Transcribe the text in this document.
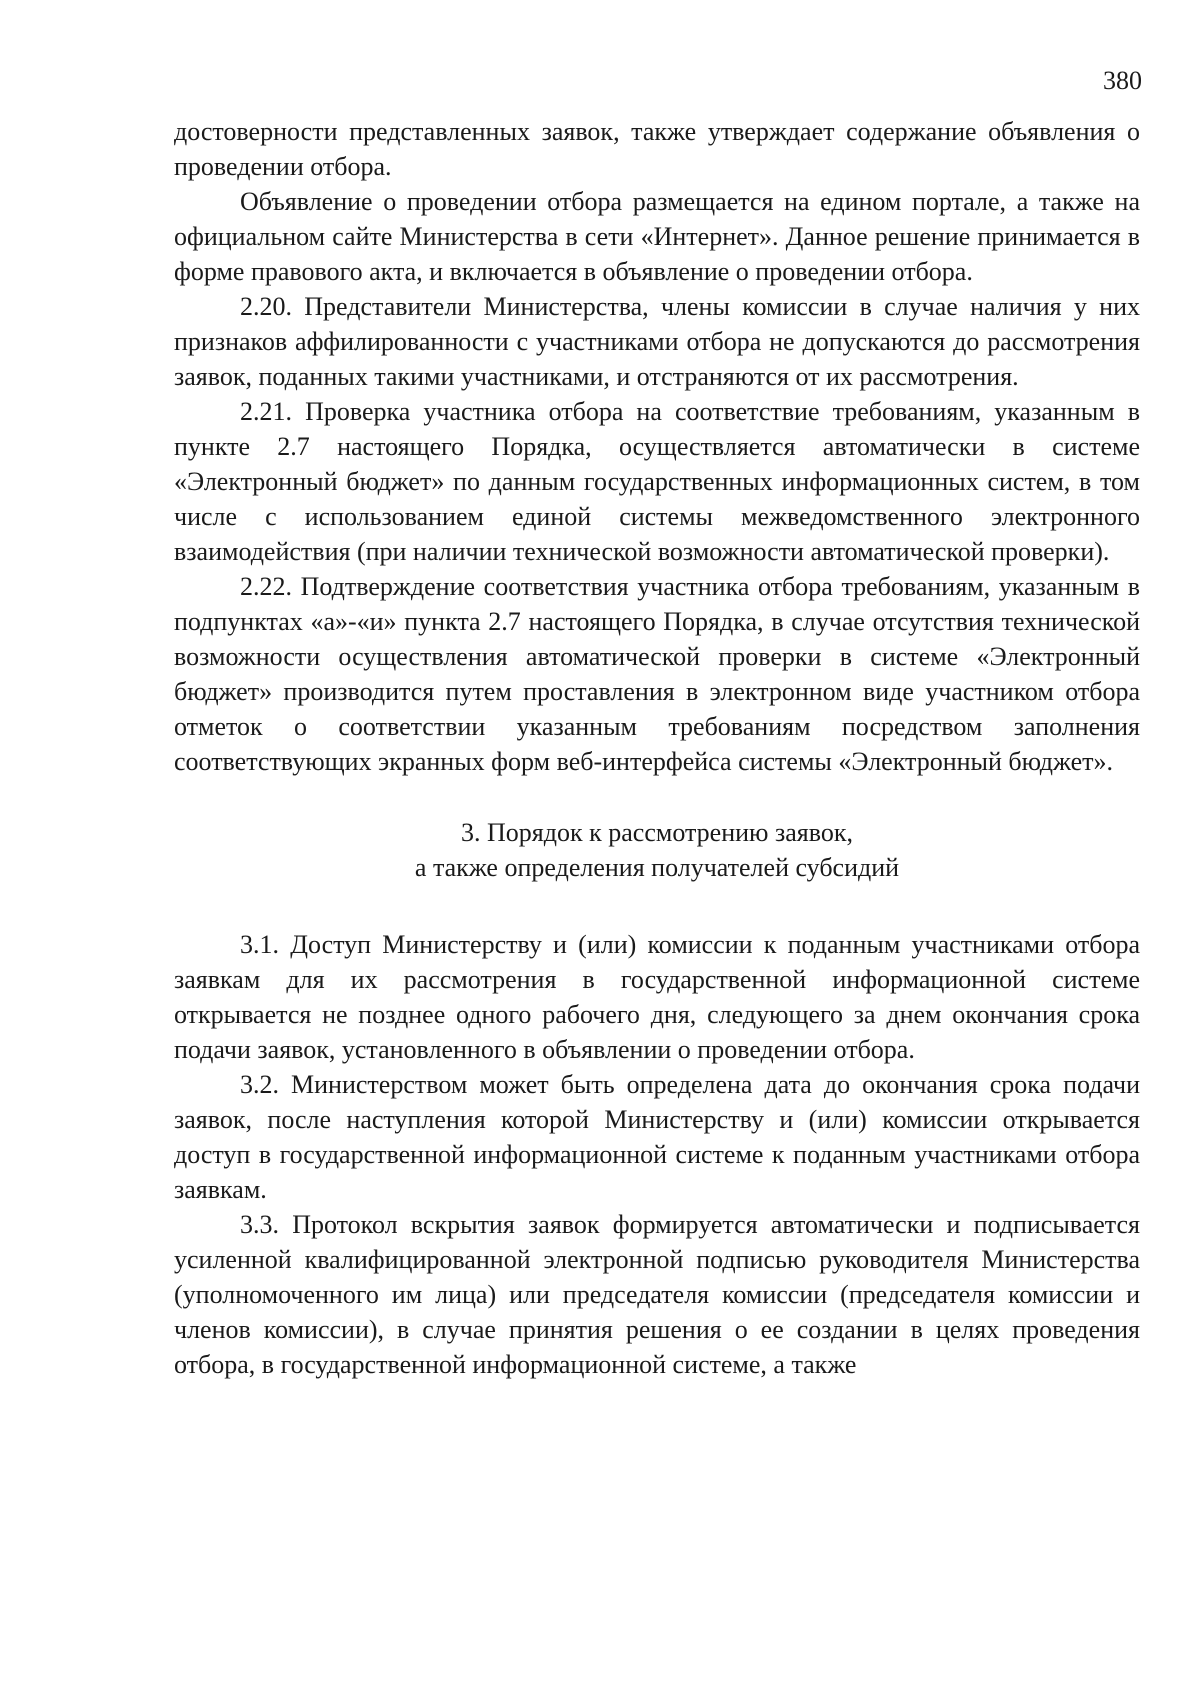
380

достоверности представленных заявок, также утверждает содержание объявления о проведении отбора.

Объявление о проведении отбора размещается на едином портале, а также на официальном сайте Министерства в сети «Интернет». Данное решение принимается в форме правового акта, и включается в объявление о проведении отбора.

2.20. Представители Министерства, члены комиссии в случае наличия у них признаков аффилированности с участниками отбора не допускаются до рассмотрения заявок, поданных такими участниками, и отстраняются от их рассмотрения.

2.21. Проверка участника отбора на соответствие требованиям, указанным в пункте 2.7 настоящего Порядка, осуществляется автоматически в системе «Электронный бюджет» по данным государственных информационных систем, в том числе с использованием единой системы межведомственного электронного взаимодействия (при наличии технической возможности автоматической проверки).

2.22. Подтверждение соответствия участника отбора требованиям, указанным в подпунктах «а»-«и» пункта 2.7 настоящего Порядка, в случае отсутствия технической возможности осуществления автоматической проверки в системе «Электронный бюджет» производится путем проставления в электронном виде участником отбора отметок о соответствии указанным требованиям посредством заполнения соответствующих экранных форм веб-интерфейса системы «Электронный бюджет».

3. Порядок к рассмотрению заявок,
а также определения получателей субсидий

3.1. Доступ Министерству и (или) комиссии к поданным участниками отбора заявкам для их рассмотрения в государственной информационной системе открывается не позднее одного рабочего дня, следующего за днем окончания срока подачи заявок, установленного в объявлении о проведении отбора.

3.2. Министерством может быть определена дата до окончания срока подачи заявок, после наступления которой Министерству и (или) комиссии открывается доступ в государственной информационной системе к поданным участниками отбора заявкам.

3.3. Протокол вскрытия заявок формируется автоматически и подписывается усиленной квалифицированной электронной подписью руководителя Министерства (уполномоченного им лица) или председателя комиссии (председателя комиссии и членов комиссии), в случае принятия решения о ее создании в целях проведения отбора, в государственной информационной системе, а также
